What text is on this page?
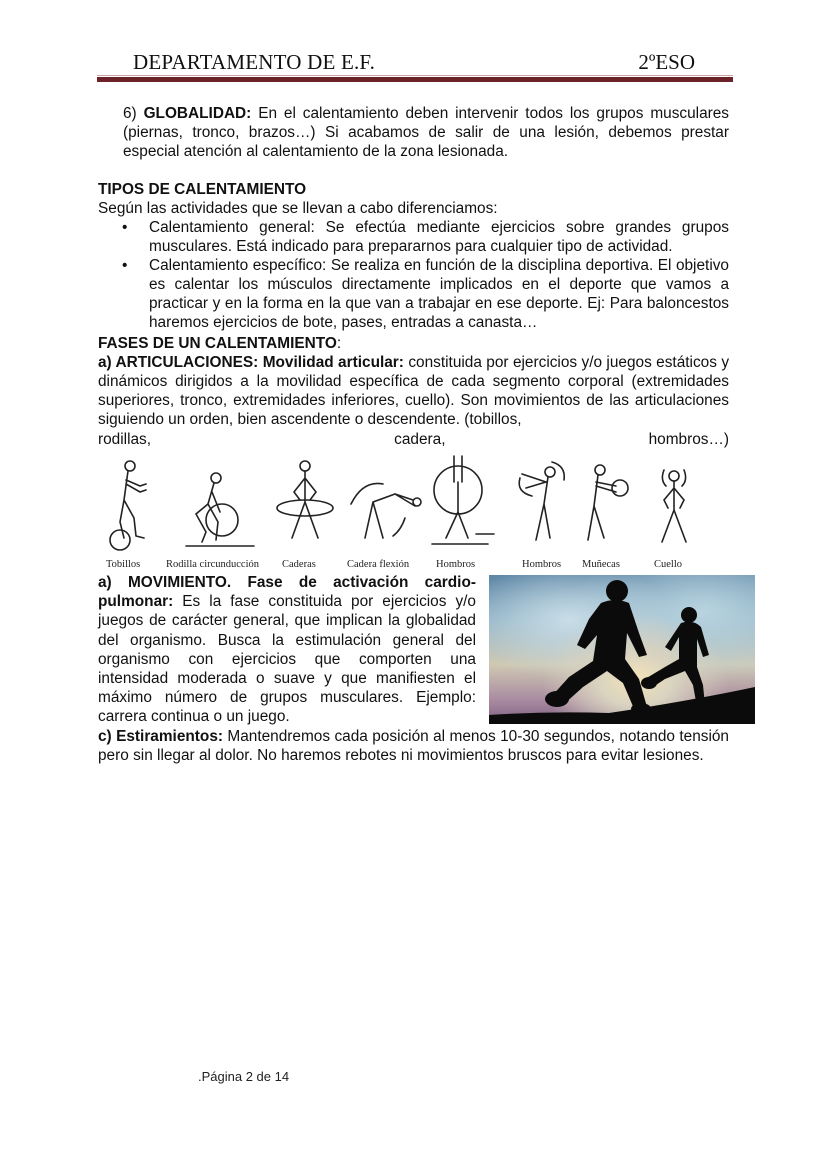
DEPARTAMENTO DE E.F.	2ºESO

6) GLOBALIDAD: En el calentamiento deben intervenir todos los grupos musculares (piernas, tronco, brazos…) Si acabamos de salir de una lesión, debemos prestar especial atención al calentamiento de la zona lesionada.

TIPOS DE CALENTAMIENTO
Según las actividades que se llevan a cabo diferenciamos:
• Calentamiento general: Se efectúa mediante ejercicios sobre grandes grupos musculares. Está indicado para prepararnos para cualquier tipo de actividad.
• Calentamiento específico: Se realiza en función de la disciplina deportiva. El objetivo es calentar los músculos directamente implicados en el deporte que vamos a practicar y en la forma en la que van a trabajar en ese deporte. Ej: Para baloncestos haremos ejercicios de bote, pases, entradas a canasta…
FASES DE UN CALENTAMIENTO:

a) ARTICULACIONES: Movilidad articular: constituida por ejercicios y/o juegos estáticos y dinámicos dirigidos a la movilidad específica de cada segmento corporal (extremidades superiores, tronco, extremidades inferiores, cuello). Son movimientos de las articulaciones siguiendo un orden, bien ascendente o descendente. (tobillos,

rodillas,	cadera,	hombros…)
Tobillos Rodilla circunducción Caderas	Cadera flexión	Hombros	Hombros Muñecas	Cuello

a) MOVIMIENTO. Fase de activación cardio-pulmonar: Es la fase constituida por ejercicios y/o juegos de carácter general, que implican la globalidad del organismo. Busca la estimulación general del organismo con ejercicios que comporten una intensidad moderada o suave y que manifiesten el máximo número de grupos musculares. Ejemplo: carrera continua o un juego.

c) Estiramientos: Mantendremos cada posición al menos 10-30 segundos, notando tensión pero sin llegar al dolor. No haremos rebotes ni movimientos bruscos para evitar lesiones.

.Página 2 de 14
